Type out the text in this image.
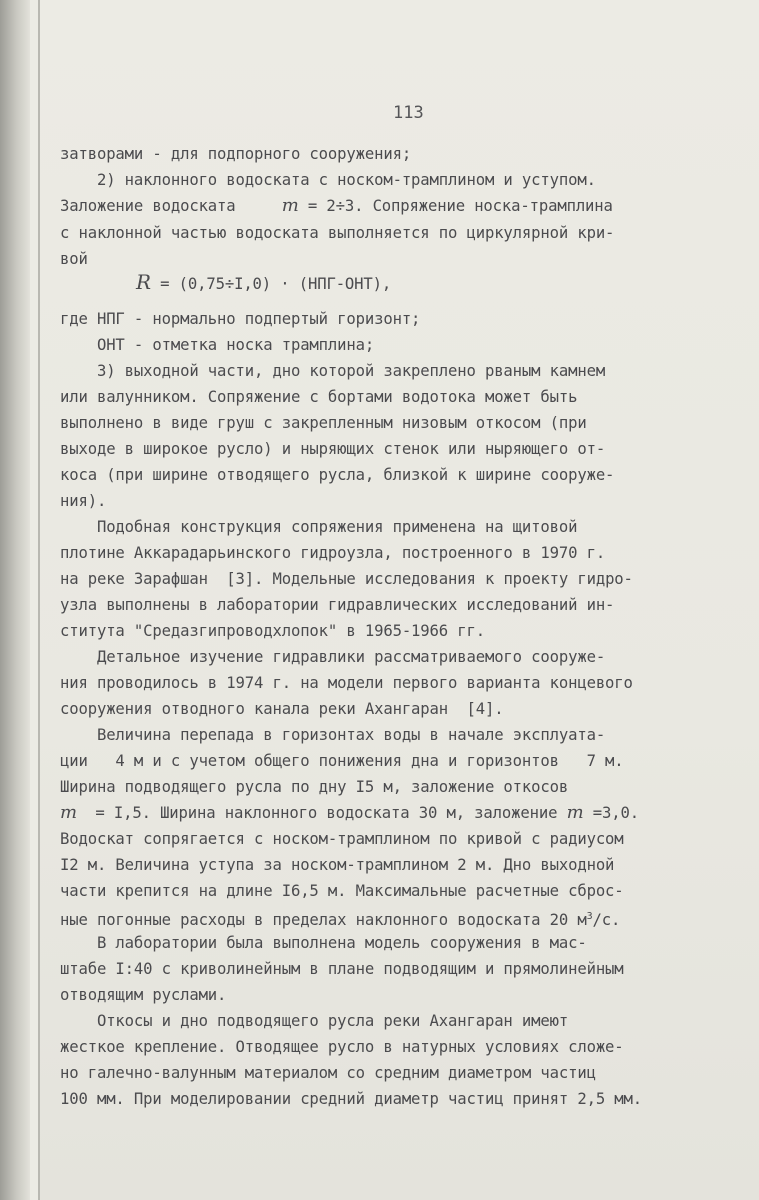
113
затворами - для подпорного сооружения;
2) наклонного водоската с носком-трамплином и уступом.
Заложение водоската	m = 2÷3. Сопряжение носка-трамплина
с наклонной частью водоската выполняется по циркулярной кри-
вой
R = (0,75÷I,0) · (НПГ-ОНТ),
где НПГ - нормально подпертый горизонт;
ОНТ - отметка носка трамплина;
3) выходной части, дно которой закреплено рваным камнем
или валунником. Сопряжение с бортами водотока может быть
выполнено в виде груш с закрепленным низовым откосом (при
выходе в широкое русло) и ныряющих стенок или ныряющего от-
коса (при ширине отводящего русла, близкой к ширине сооруже-
ния).
Подобная конструкция сопряжения применена на щитовой
плотине Аккарадарьинского гидроузла, построенного в 1970 г.
на реке Зарафшан [3]. Модельные исследования к проекту гидро-
узла выполнены в лаборатории гидравлических исследований ин-
ститута "Средазгипроводхлопок" в 1965-1966 гг.
Детальное изучение гидравлики рассматриваемого сооруже-
ния проводилось в 1974 г. на модели первого варианта концевого
сооружения отводного канала реки Ахангаран [4].
Величина перепада в горизонтах воды в начале эксплуата-
ции   4 м и с учетом общего понижения дна и горизонтов   7 м.
Ширина подводящего русла по дну I5 м, заложение откосов
m = I,5. Ширина наклонного водоската 30 м, заложение m =3,0.
Водоскат сопрягается с носком-трамплином по кривой с радиусом
I2 м. Величина уступа за носком-трамплином 2 м. Дно выходной
части крепится на длине I6,5 м. Максимальные расчетные сброс-
ные погонные расходы в пределах наклонного водоската 20 $м^3/с$.
В лаборатории была выполнена модель сооружения в мас-
штабе I:40 с криволинейным в плане подводящим и прямолинейным
отводящим руслами.
Откосы и дно подводящего русла реки Ахангаран имеют
жесткое крепление. Отводящее русло в натурных условиях сложе-
но галечно-валунным материалом со средним диаметром частиц
100 мм. При моделировании средний диаметр частиц принят 2,5 мм.
